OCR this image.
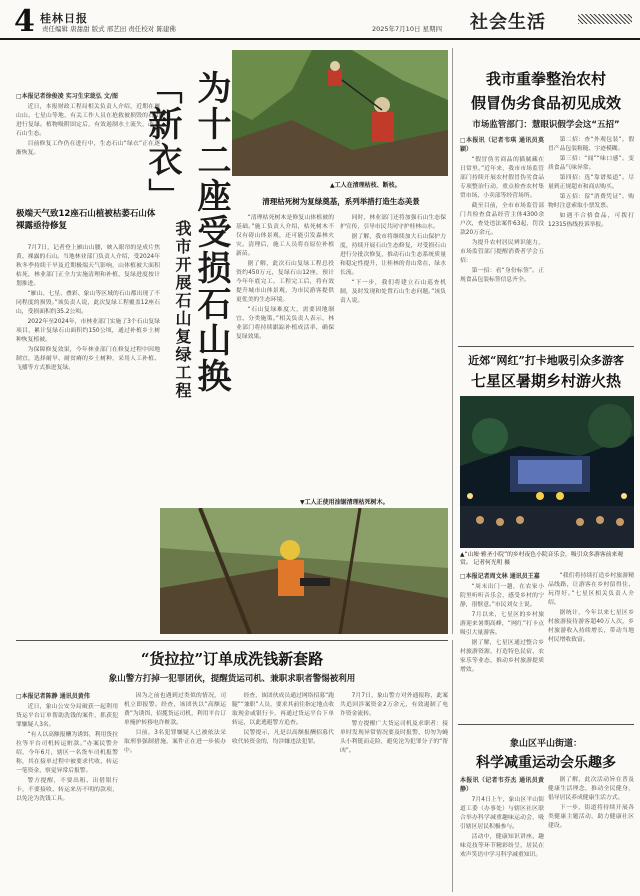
4 桂林日报
责任编辑 唐甜甜 版式 邢艺田 责任校对 陈建佛	2025年7月10日 星期四 社会生活
□本报记者徐俊凌 实习生宋珑弘 文/图

近日，本报财政工程局相关负责人介绍，近期在雁山山、七星山等地，有关工作人员在抢救被损毁的石山进行复绿。植物吸附固定后，有效遏制水土流失，改善石山生态。

目前修复工作仍在进行中，生态石山“绿衣”正在逐渐恢复。

极端天气致12座石山植被枯萎石山体裸露亟待修复

7月7日，记者登上雁山山腰，映入眼帘的是成片焦黄、裸露的石山。当地林业部门负责人介绍，受2024年秋冬季持续干旱及近期极端天气影响，山体植被大面积枯死，林业部门正全力实施清理和补植，复绿进度按计划推进。

“雁山、七星、叠彩、象山等区域的石山都出现了不同程度的损毁。”该负责人说，此次复绿工程覆盖12座石山，受损面积约35.2公顷。

2022年至2024年，市林业部门实施了3个石山复绿项目，累计复绿石山面积约150公顷，通过补植乡土树种恢复植被。

为保障修复效果，今年林业部门在修复过程中因地制宜，选择耐旱、耐贫瘠的乡土树种，采用人工补植、飞播等方式推进复绿。	为十二座受损石山换「新衣」
我市开展石山复绿工程
▲工人在清理枯枝、断枝。
清理枯死树为复绿奠基，系列举措打造生态美景

“清理枯死树木是修复山体植被的基础。”施工负责人介绍，枯死树木不仅有碍山体景观，还可能引发森林火灾。清理后，施工人员将在原位补植新苗。

据了解，此次石山复绿工程总投资约450万元，复绿石山12座，预计今年年底完工。工程完工后，将有效提升城市山体景观，为市民游客提供更优美的生态环境。

“石山复绿难度大，需要因地制宜、分类施策。”相关负责人表示，林业部门将持续跟踪补植成活率，确保复绿效果。

同时，林业部门还将加强石山生态保护宣传，引导市民共同守护桂林山水。

据了解，我市将继续加大石山保护力度，持续开展石山生态修复，对受损石山进行分批次修复，推动石山生态系统质量和稳定性提升，让桂林的青山常在、绿水长流。

“下一步，我们将建立石山巡查机制，及时发现和处置石山生态问题。”该负责人说。

▼工人正使用油锯清理枯死树木。
我市重拳整治农村
假冒伪劣食品初见成效
市场监管部门：慧眼识假学会这“五招”
□本报讯（记者韦琪 通讯员莫颖）

“假冒伪劣商品的猫腻藏在日常里。”近年来，我市市场监管部门持续开展农村假冒伪劣食品专项整治行动，重点检查农村集贸市场、小卖部等经营场所。

截至目前，全市市场监管部门共检查食品经营主体4300余户次，查处违法案件63起，罚没款20万余元。

为提升农村居民辨识能力，市场监管部门提醒消费者学会五招：

第一招：看“身份标签”。正规食品包装标签信息齐全。

第二招：查“外观包装”。假冒产品包装粗糙、字迹模糊。

第三招：“闻”“味口感”。变质食品气味异常。

第四招：选“靠谱渠道”。尽量到正规超市和商店购买。

第五招：留“消费凭证”。购物时注意索取小票发票。

如遇不合格食品，可拨打12315热线投诉举报。

近郊“网红”打卡地吸引众多游客
七星区暑期乡村游火热
▲“山墟·雅圣小院”的乡村夜色小院音乐会，吸引众多游客前来观赏。 记者何光明 摄
□本报记者周文林 通讯员王嘉

“周末出门一趟，在农家小院里听听音乐会，感受乡村的宁静，很惬意。”市民刘女士说。

7月以来，七星区的乡村旅游迎来暑期高峰，“网红”打卡点吸引大量游客。

据了解，七星区通过整合乡村旅游资源，打造特色民宿、农家乐等业态，推动乡村旅游提质增效。

“我们将持续打造乡村旅游精品线路，让游客在乡村留得住、玩得好。”七星区相关负责人介绍。

据统计，今年以来七星区乡村旅游接待游客超40万人次，乡村旅游收入持续增长，带动当地村民增收致富。

“货拉拉”订单成洗钱新套路
象山警方打掉一犯罪团伙，提醒货运司机、兼职求职者警惕被利用
□本报记者陈静 通讯员黄伟

近日，象山公安分局破获一起利用货运平台订单帮助洗钱的案件，抓获犯罪嫌疑人3名。

“有人以高额报酬为诱饵，利用货拉拉等平台司机转运赃款。”办案民警介绍，今年6月，辖区一名货车司机报警称，其在接单过程中被要求代收、转运一笔资金，察觉异常后报警。

警方提醒，不要出租、出借银行卡，不要接收、转运来历不明的款项，以免沦为洗钱工具。

因为之前也遇到过类似的情况，司机立即报警。经查，该团伙以“高额运费”为诱饵，招揽货运司机，利用平台订单掩护转移电诈赃款。

目前，3名犯罪嫌疑人已被依法采取刑事强制措施，案件正在进一步侦办中。

经查，该团伙成员通过网络招募“跑腿”“兼职”人员，要求其前往指定地点收取现金或银行卡，再通过货运平台下单转运，以此逃避警方追查。

民警提示，凡是以高额报酬招募代收代转资金的，均涉嫌违法犯罪。

7月7日，象山警方对外通报称，此案共追回涉案资金2万余元，有效遏制了电诈资金流转。

警方提醒广大货运司机及求职者：接单时发现异常情况要及时报警，切勿为蝇头小利铤而走险，避免沦为犯罪分子的“帮凶”。

象山区平山街道：
科学减重运动会乐趣多
本报讯（记者韦芬杰 通讯员黄静）

7月4日上午，象山区平山街道工委（办事处）与辖区社区联合举办科学减重趣味运动会，吸引辖区居民积极参与。

活动中，健康知识讲座、趣味竞技等环节精彩纷呈，居民在欢声笑语中学习科学减重知识。

据了解，此次活动旨在普及健康生活理念，推动全民健身，倡导居民养成健康生活方式。

下一步，街道将持续开展各类健康主题活动，助力健康社区建设。
